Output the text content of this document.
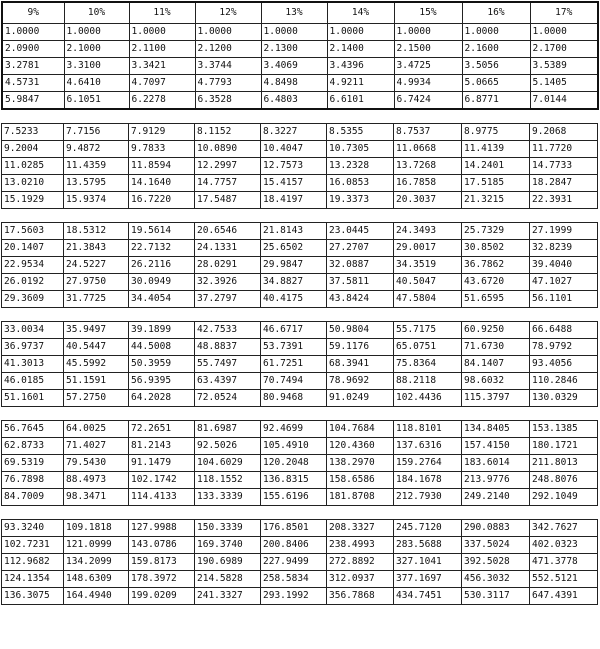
9%	10%	11%	12%	13%	14%	15%	16%	17%
1.0000	1.0000	1.0000	1.0000	1.0000	1.0000	1.0000	1.0000	1.0000
2.0900	2.1000	2.1100	2.1200	2.1300	2.1400	2.1500	2.1600	2.1700
3.2781	3.3100	3.3421	3.3744	3.4069	3.4396	3.4725	3.5056	3.5389
4.5731	4.6410	4.7097	4.7793	4.8498	4.9211	4.9934	5.0665	5.1405
5.9847	6.1051	6.2278	6.3528	6.4803	6.6101	6.7424	6.8771	7.0144
7.5233	7.7156	7.9129	8.1152	8.3227	8.5355	8.7537	8.9775	9.2068
9.2004	9.4872	9.7833	10.0890	10.4047	10.7305	11.0668	11.4139	11.7720
11.0285	11.4359	11.8594	12.2997	12.7573	13.2328	13.7268	14.2401	14.7733
13.0210	13.5795	14.1640	14.7757	15.4157	16.0853	16.7858	17.5185	18.2847
15.1929	15.9374	16.7220	17.5487	18.4197	19.3373	20.3037	21.3215	22.3931
17.5603	18.5312	19.5614	20.6546	21.8143	23.0445	24.3493	25.7329	27.1999
20.1407	21.3843	22.7132	24.1331	25.6502	27.2707	29.0017	30.8502	32.8239
22.9534	24.5227	26.2116	28.0291	29.9847	32.0887	34.3519	36.7862	39.4040
26.0192	27.9750	30.0949	32.3926	34.8827	37.5811	40.5047	43.6720	47.1027
29.3609	31.7725	34.4054	37.2797	40.4175	43.8424	47.5804	51.6595	56.1101
33.0034	35.9497	39.1899	42.7533	46.6717	50.9804	55.7175	60.9250	66.6488
36.9737	40.5447	44.5008	48.8837	53.7391	59.1176	65.0751	71.6730	78.9792
41.3013	45.5992	50.3959	55.7497	61.7251	68.3941	75.8364	84.1407	93.4056
46.0185	51.1591	56.9395	63.4397	70.7494	78.9692	88.2118	98.6032	110.2846
51.1601	57.2750	64.2028	72.0524	80.9468	91.0249	102.4436	115.3797	130.0329
56.7645	64.0025	72.2651	81.6987	92.4699	104.7684	118.8101	134.8405	153.1385
62.8733	71.4027	81.2143	92.5026	105.4910	120.4360	137.6316	157.4150	180.1721
69.5319	79.5430	91.1479	104.6029	120.2048	138.2970	159.2764	183.6014	211.8013
76.7898	88.4973	102.1742	118.1552	136.8315	158.6586	184.1678	213.9776	248.8076
84.7009	98.3471	114.4133	133.3339	155.6196	181.8708	212.7930	249.2140	292.1049
93.3240	109.1818	127.9988	150.3339	176.8501	208.3327	245.7120	290.0883	342.7627
102.7231	121.0999	143.0786	169.3740	200.8406	238.4993	283.5688	337.5024	402.0323
112.9682	134.2099	159.8173	190.6989	227.9499	272.8892	327.1041	392.5028	471.3778
124.1354	148.6309	178.3972	214.5828	258.5834	312.0937	377.1697	456.3032	552.5121
136.3075	164.4940	199.0209	241.3327	293.1992	356.7868	434.7451	530.3117	647.4391
